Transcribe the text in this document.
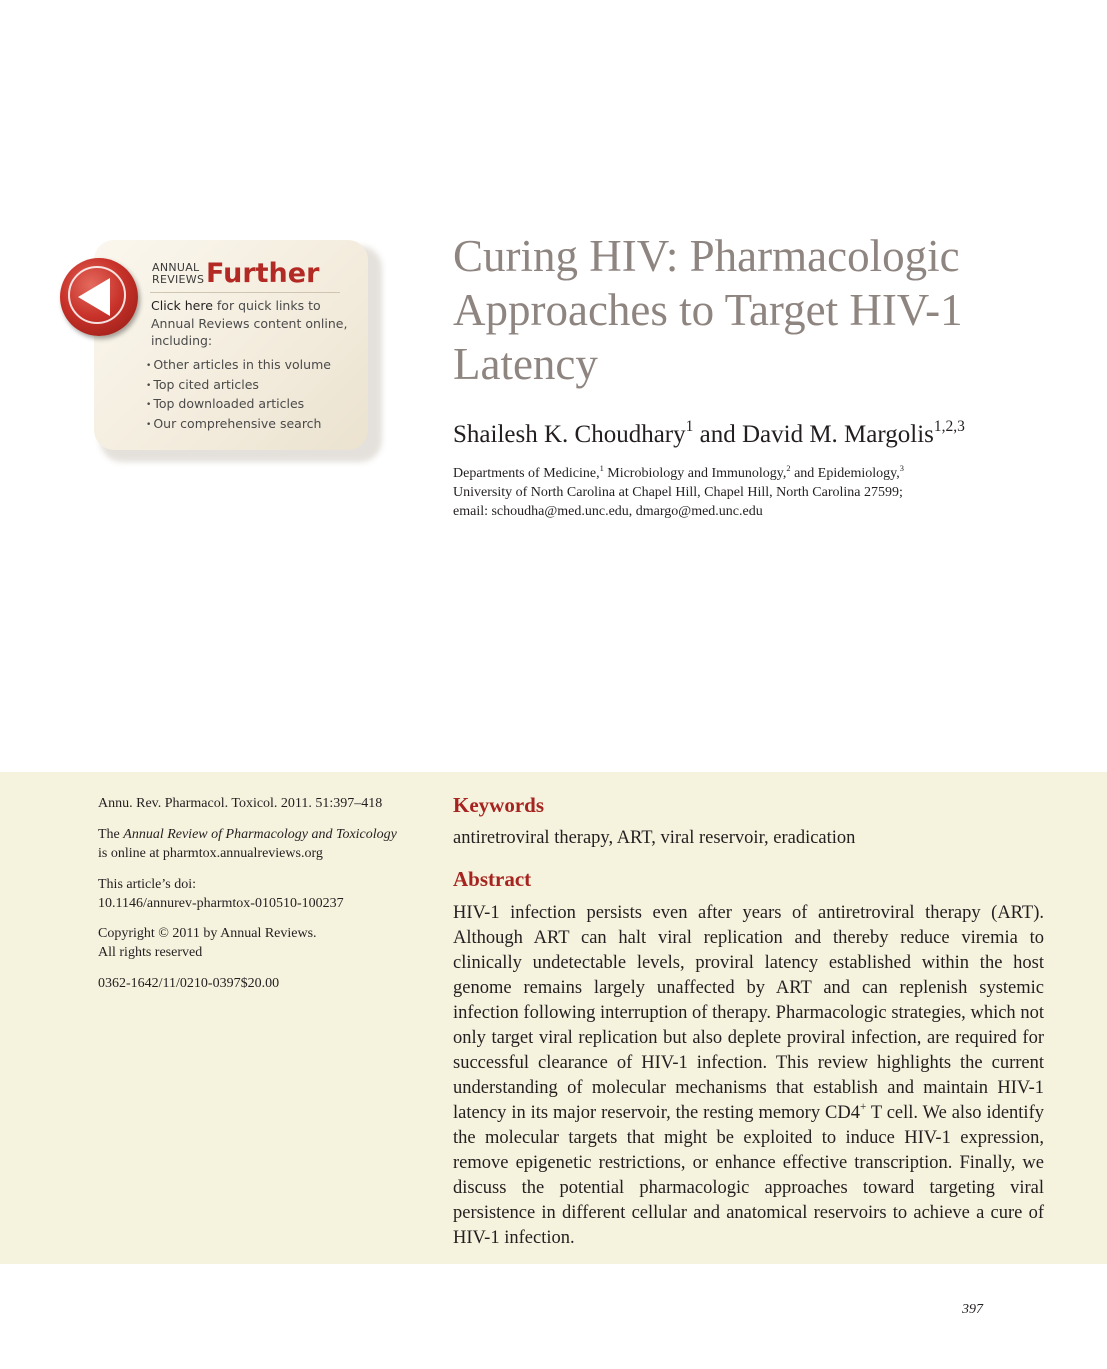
ANNUAL
REVIEWS Further
Click here for quick links to Annual Reviews content online, including:
• Other articles in this volume
• Top cited articles
• Top downloaded articles
• Our comprehensive search
Curing HIV: Pharmacologic Approaches to Target HIV-1 Latency
Shailesh K. Choudhary$^1$ and David M. Margolis$^{1,2,3}$
Departments of Medicine,$^1$ Microbiology and Immunology,$^2$ and Epidemiology,$^3$
University of North Carolina at Chapel Hill, Chapel Hill, North Carolina 27599;
email: schoudha@med.unc.edu, dmargo@med.unc.edu
Annu. Rev. Pharmacol. Toxicol. 2011. 51:397–418
The Annual Review of Pharmacology and Toxicology
is online at pharmtox.annualreviews.org
This article’s doi:
10.1146/annurev-pharmtox-010510-100237
Copyright © 2011 by Annual Reviews.
All rights reserved
0362-1642/11/0210-0397$20.00
Keywords
antiretroviral therapy, ART, viral reservoir, eradication
Abstract

HIV-1 infection persists even after years of antiretroviral therapy (ART). Although ART can halt viral replication and thereby reduce viremia to clinically undetectable levels, proviral latency established within the host genome remains largely unaffected by ART and can replenish systemic infection following interruption of therapy. Pharmacologic strategies, which not only target viral replication but also deplete proviral infection, are required for successful clearance of HIV-1 infection. This review highlights the current understanding of molecular mechanisms that establish and maintain HIV-1 latency in its major reservoir, the resting memory CD4+ T cell. We also identify the molecular targets that might be exploited to induce HIV-1 expression, remove epigenetic restrictions, or enhance effective transcription. Finally, we discuss the potential pharmacologic approaches toward targeting viral persistence in different cellular and anatomical reservoirs to achieve a cure of HIV-1 infection.

397
